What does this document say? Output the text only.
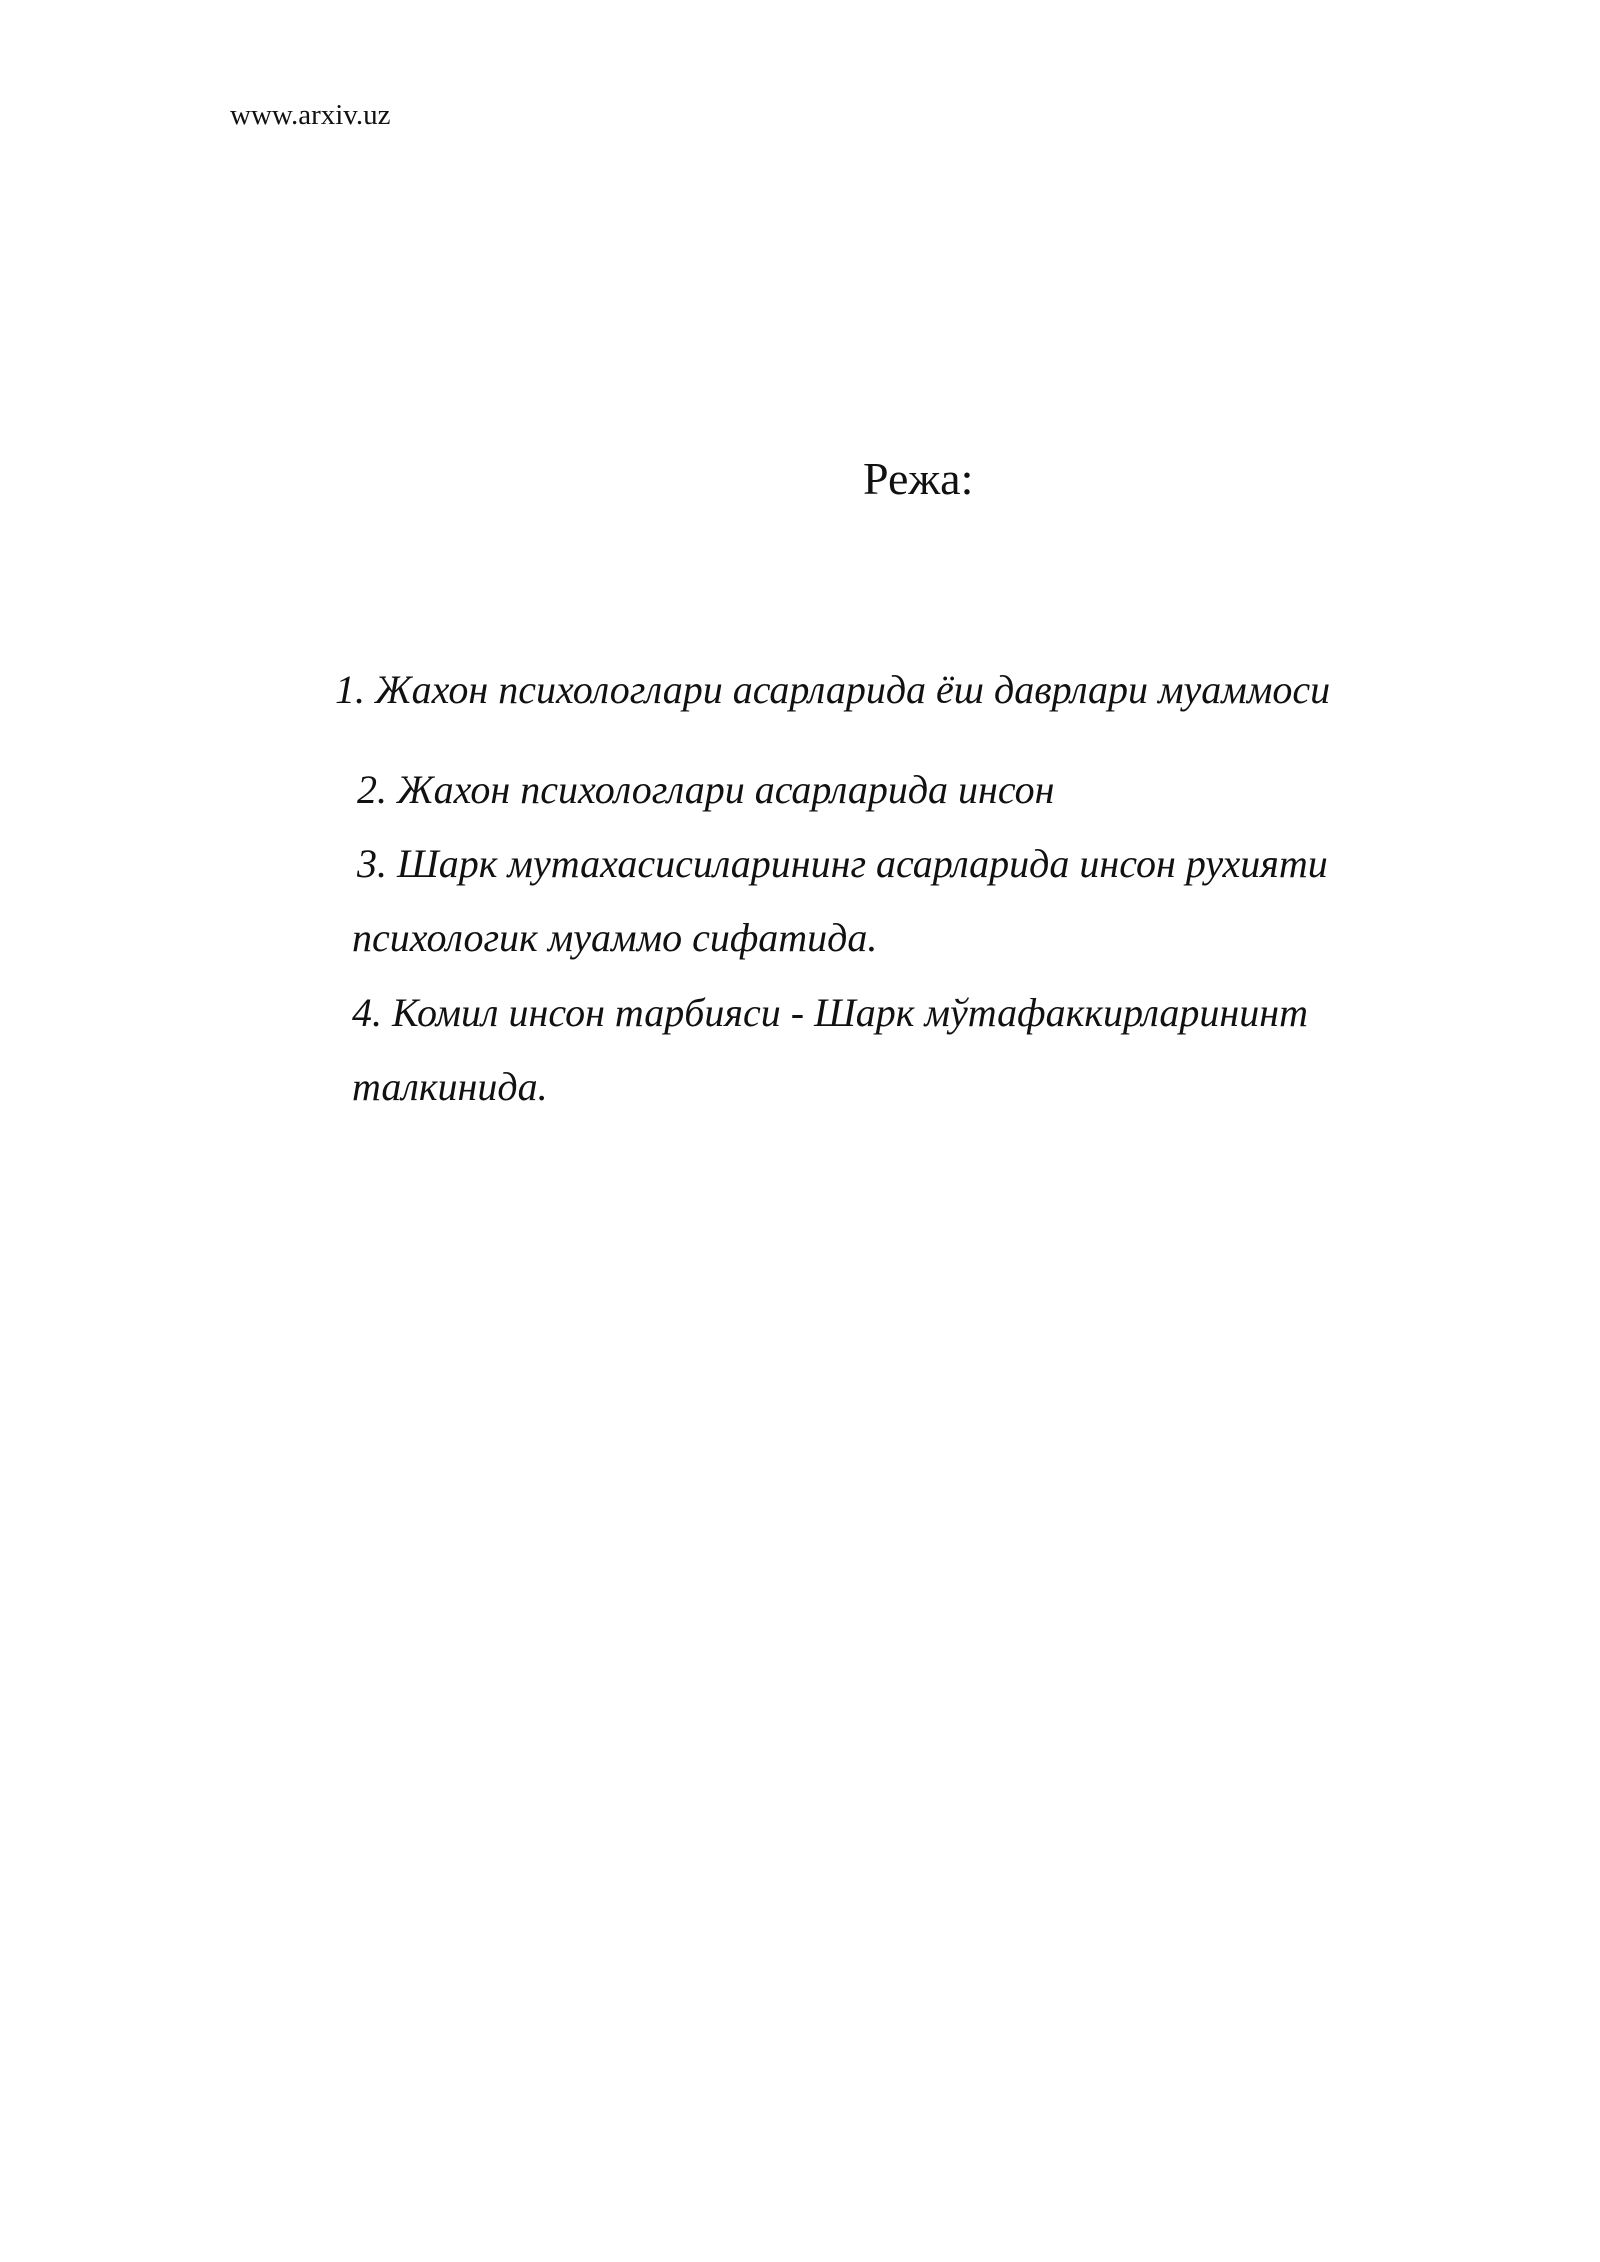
www.arxiv.uz
Режа:
1. Жахон психологлари асарларида ёш даврлари муаммоси
2. Жахон психологлари асарларида инсон
3. Шарк мутахасисиларининг асарларида инсон рухияти
психологик муаммо сифатида.
4. Комил инсон тарбияси - Шарк мўтафаккирларининт
талкинида.
